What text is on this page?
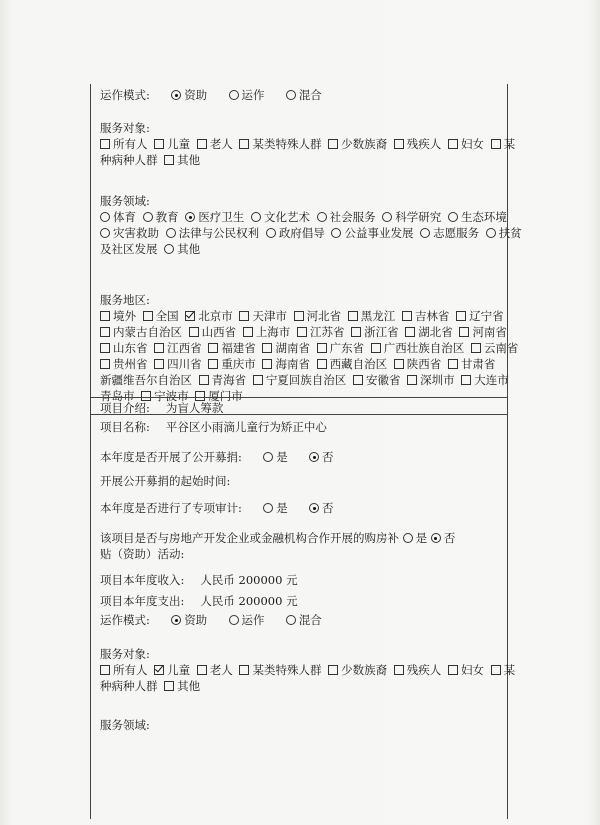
运作模式:	资助	运作	混合
服务对象:
所有人 儿童 老人 某类特殊人群 少数族裔 残疾人 妇女 某
种病种人群 其他
服务领域:
体育 教育 医疗卫生 文化艺术 社会服务 科学研究 生态环境
灾害救助 法律与公民权利 政府倡导 公益事业发展 志愿服务 扶贫
及社区发展 其他
服务地区:
境外 全国 北京市 天津市 河北省 黑龙江 吉林省 辽宁省
内蒙古自治区 山西省 上海市 江苏省 浙江省 湖北省 河南省
山东省 江西省 福建省 湖南省 广东省 广西壮族自治区 云南省
贵州省 四川省 重庆市 海南省 西藏自治区 陕西省 甘肃省
新疆维吾尔自治区 青海省 宁夏回族自治区 安徽省 深圳市 大连市
青岛市 宁波市 厦门市
项目介绍: 为盲人筹款
项目名称: 平谷区小雨滴儿童行为矫正中心
本年度是否开展了公开募捐:	是	否
开展公开募捐的起始时间:
本年度是否进行了专项审计:	是	否
该项目是否与房地产开发企业或金融机构合作开展的购房补 是 否
贴（资助）活动:
项目本年度收入: 人民币 200000 元
项目本年度支出: 人民币 200000 元
运作模式:	资助	运作	混合
服务对象:
所有人 儿童 老人 某类特殊人群 少数族裔 残疾人 妇女 某
种病种人群 其他
服务领域:
